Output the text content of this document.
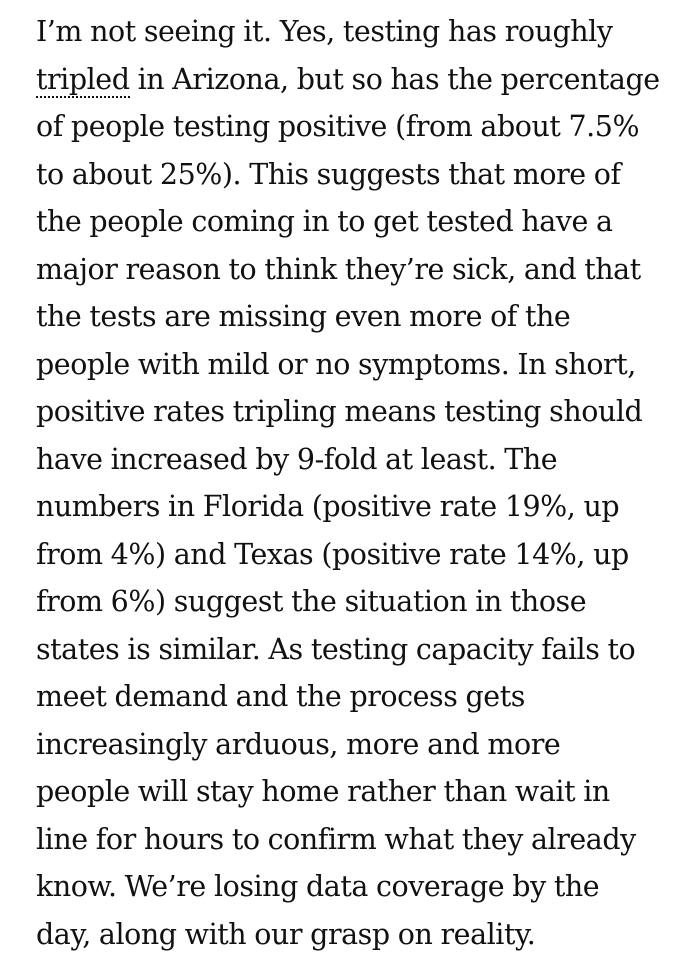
I’m not seeing it. Yes, testing has roughly
tripled in Arizona, but so has the percentage
of people testing positive (from about 7.5%
to about 25%). This suggests that more of
the people coming in to get tested have a
major reason to think they’re sick, and that
the tests are missing even more of the
people with mild or no symptoms. In short,
positive rates tripling means testing should
have increased by 9-fold at least. The
numbers in Florida (positive rate 19%, up
from 4%) and Texas (positive rate 14%, up
from 6%) suggest the situation in those
states is similar. As testing capacity fails to
meet demand and the process gets
increasingly arduous, more and more
people will stay home rather than wait in
line for hours to confirm what they already
know. We’re losing data coverage by the
day, along with our grasp on reality.
